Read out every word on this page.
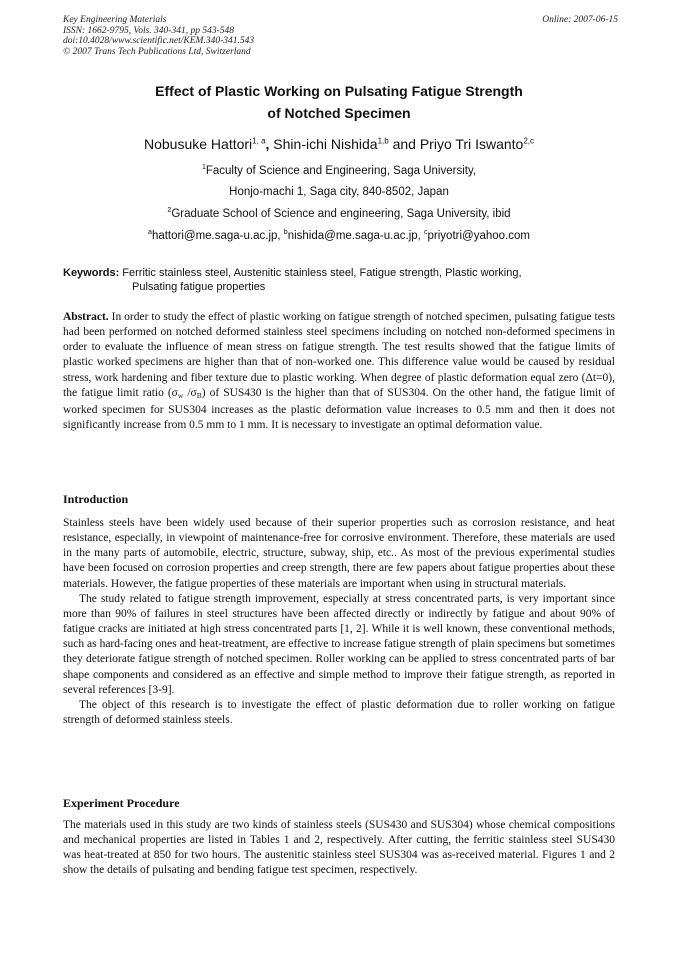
Key Engineering Materials
ISSN: 1662-9795, Vols. 340-341, pp 543-548
doi:10.4028/www.scientific.net/KEM.340-341.543
© 2007 Trans Tech Publications Ltd, Switzerland
Online: 2007-06-15
Effect of Plastic Working on Pulsating Fatigue Strength
of Notched Specimen
Nobusuke Hattori$^{1, a}$, Shin-ichi Nishida$^{1,b}$ and Priyo Tri Iswanto$^{2,c}$
$^1$Faculty of Science and Engineering, Saga University,
Honjo-machi 1, Saga city, 840-8502, Japan
$^2$Graduate School of Science and engineering, Saga University, ibid
$^a$hattori@me.saga-u.ac.jp, $^b$nishida@me.saga-u.ac.jp, $^c$priyotri@yahoo.com
Keywords: Ferritic stainless steel, Austenitic stainless steel, Fatigue strength, Plastic working,
Pulsating fatigue properties

Abstract. In order to study the effect of plastic working on fatigue strength of notched specimen, pulsating fatigue tests had been performed on notched deformed stainless steel specimens including on notched non-deformed specimens in order to evaluate the influence of mean stress on fatigue strength. The test results showed that the fatigue limits of plastic worked specimens are higher than that of non-worked one. This difference value would be caused by residual stress, work hardening and fiber texture due to plastic working. When degree of plastic deformation equal zero (Δt=0), the fatigue limit ratio ($\sigma_w$ $/\sigma_B$) of SUS430 is the higher than that of SUS304. On the other hand, the fatigue limit of worked specimen for SUS304 increases as the plastic deformation value increases to 0.5 mm and then it does not significantly increase from 0.5 mm to 1 mm. It is necessary to investigate an optimal deformation value.

Introduction

Stainless steels have been widely used because of their superior properties such as corrosion resistance, and heat resistance, especially, in viewpoint of maintenance-free for corrosive environment. Therefore, these materials are used in the many parts of automobile, electric, structure, subway, ship, etc.. As most of the previous experimental studies have been focused on corrosion properties and creep strength, there are few papers about fatigue properties about these materials. However, the fatigue properties of these materials are important when using in structural materials.

The study related to fatigue strength improvement, especially at stress concentrated parts, is very important since more than 90% of failures in steel structures have been affected directly or indirectly by fatigue and about 90% of fatigue cracks are initiated at high stress concentrated parts [1, 2]. While it is well known, these conventional methods, such as hard-facing ones and heat-treatment, are effective to increase fatigue strength of plain specimens but sometimes they deteriorate fatigue strength of notched specimen. Roller working can be applied to stress concentrated parts of bar shape components and considered as an effective and simple method to improve their fatigue strength, as reported in several references [3-9].

The object of this research is to investigate the effect of plastic deformation due to roller working on fatigue strength of deformed stainless steels.

Experiment Procedure

The materials used in this study are two kinds of stainless steels (SUS430 and SUS304) whose chemical compositions and mechanical properties are listed in Tables 1 and 2, respectively. After cutting, the ferritic stainless steel SUS430 was heat-treated at 850 for two hours. The austenitic stainless steel SUS304 was as-received material. Figures 1 and 2 show the details of pulsating and bending fatigue test specimen, respectively.
